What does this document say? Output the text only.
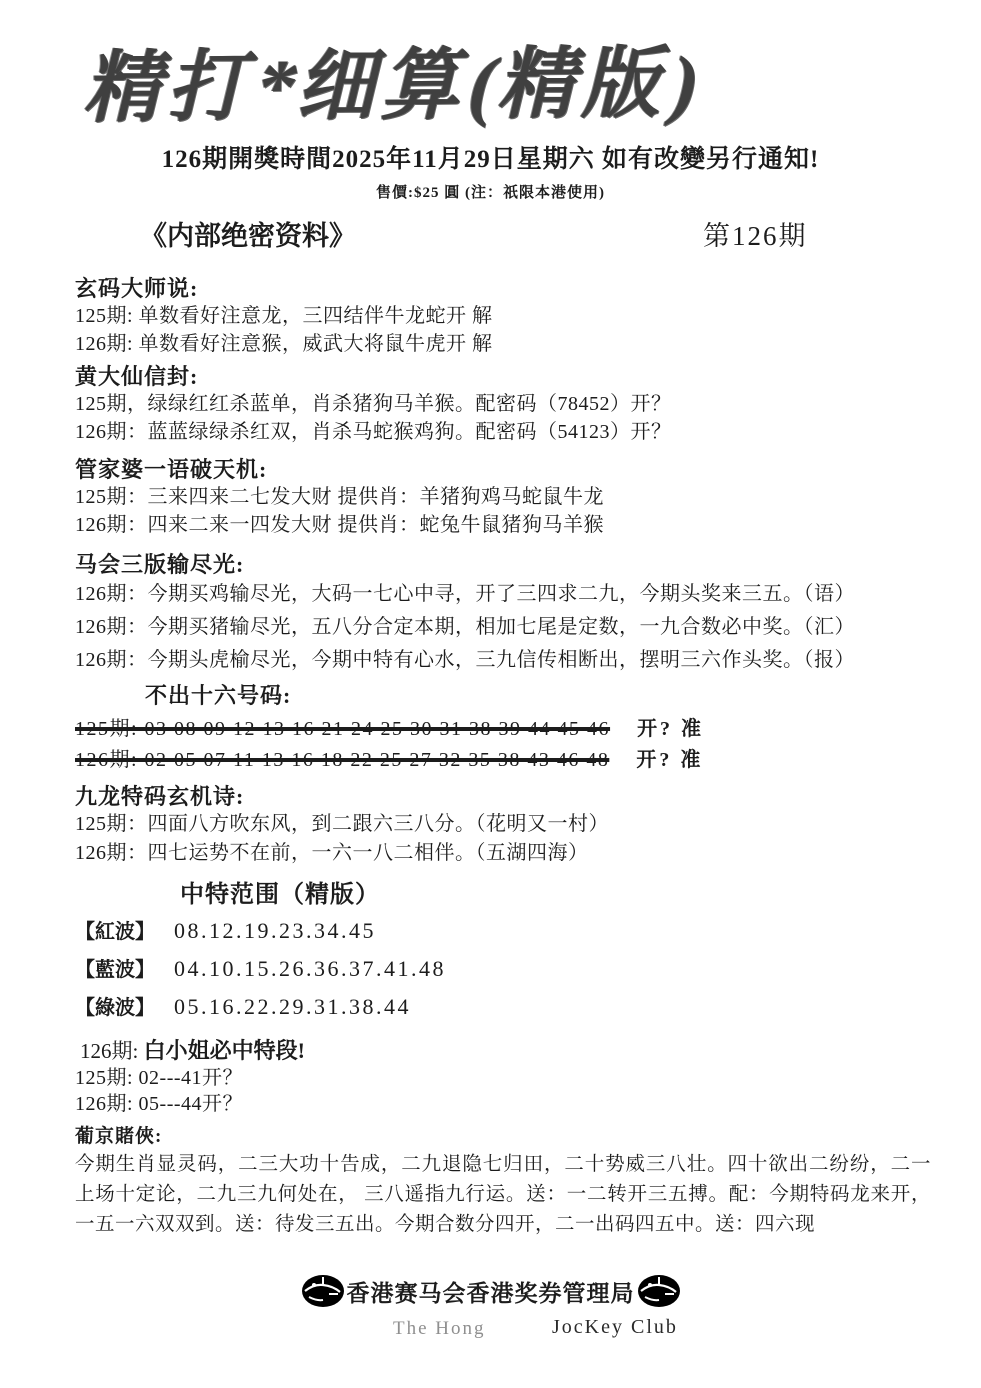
精打*细算(精版)
126期開獎時間2025年11月29日星期六 如有改變另行通知!
售價:$25 圓 (注：祇限本港使用)
《内部绝密资料》	第126期
玄码大师说:
125期: 单数看好注意龙，三四结伴牛龙蛇开 解
126期: 单数看好注意猴，威武大将鼠牛虎开 解
黄大仙信封:
125期，绿绿红红杀蓝单，肖杀猪狗马羊猴。配密码（78452）开？
126期：蓝蓝绿绿杀红双，肖杀马蛇猴鸡狗。配密码（54123）开？
管家婆一语破天机:
125期：三来四来二七发大财 提供肖：羊猪狗鸡马蛇鼠牛龙
126期：四来二来一四发大财 提供肖：蛇兔牛鼠猪狗马羊猴
马会三版输尽光:
126期：今期买鸡输尽光，大码一七心中寻，开了三四求二九，今期头奖来三五。（语）
126期：今期买猪输尽光，五八分合定本期，相加七尾是定数，一九合数必中奖。（汇）
126期：今期头虎榆尽光，今期中特有心水，三九信传相断出，摆明三六作头奖。（报）
不出十六号码:
125期: 03 08 09 12 13 16 21 24 25 30 31 38 39 44 45 46 开? 准
126期: 02 05 07 11 13 16 18 22 25 27 32 35 38 43 46 48 开? 准
九龙特码玄机诗:
125期：四面八方吹东风，到二跟六三八分。（花明又一村）
126期：四七运势不在前，一六一八二相伴。（五湖四海）
中特范围（精版）
【紅波】 08.12.19.23.34.45
【藍波】 04.10.15.26.36.37.41.48
【綠波】 05.16.22.29.31.38.44
126期: 白小姐必中特段!
125期: 02---41开？
126期: 05---44开？
葡京賭俠:
今期生肖显灵码，二三大功十告成，二九退隐七归田，二十势威三八壮。四十欲出二纷纷，二一上场十定论，二九三九何处在， 三八遥指九行运。送：一二转开三五搏。配：今期特码龙来开，一五一六双双到。送：待发三五出。今期合数分四开，二一出码四五中。送：四六现
香港赛马会香港奖券管理局
The Hong	JocKey Club
